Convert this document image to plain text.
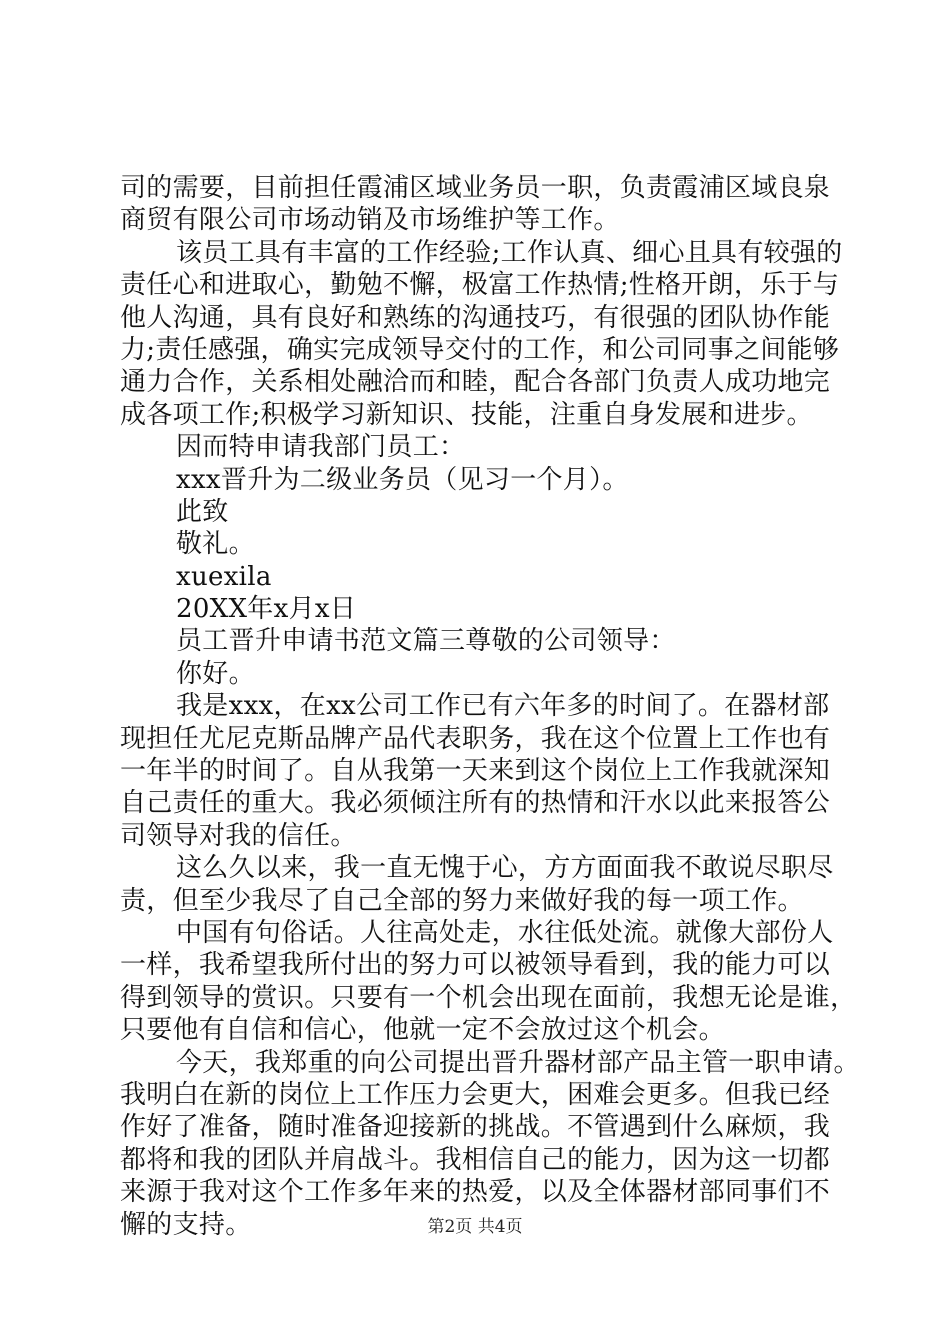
司的需要，目前担任霞浦区域业务员一职，负责霞浦区域良泉
商贸有限公司市场动销及市场维护等工作。
该员工具有丰富的工作经验;工作认真、细心且具有较强的
责任心和进取心，勤勉不懈，极富工作热情;性格开朗，乐于与
他人沟通，具有良好和熟练的沟通技巧，有很强的团队协作能
力;责任感强，确实完成领导交付的工作，和公司同事之间能够
通力合作，关系相处融洽而和睦，配合各部门负责人成功地完
成各项工作;积极学习新知识、技能，注重自身发展和进步。
因而特申请我部门员工：
xxx晋升为二级业务员（见习一个月）。
此致
敬礼。
xuexila
20XX年x月x日
员工晋升申请书范文篇三尊敬的公司领导：
你好。
我是xxx，在xx公司工作已有六年多的时间了。在器材部
现担任尤尼克斯品牌产品代表职务，我在这个位置上工作也有
一年半的时间了。自从我第一天来到这个岗位上工作我就深知
自己责任的重大。我必须倾注所有的热情和汗水以此来报答公
司领导对我的信任。
这么久以来，我一直无愧于心，方方面面我不敢说尽职尽
责，但至少我尽了自己全部的努力来做好我的每一项工作。
中国有句俗话。人往高处走，水往低处流。就像大部份人
一样，我希望我所付出的努力可以被领导看到，我的能力可以
得到领导的赏识。只要有一个机会出现在面前，我想无论是谁，
只要他有自信和信心，他就一定不会放过这个机会。
今天，我郑重的向公司提出晋升器材部产品主管一职申请。
我明白在新的岗位上工作压力会更大，困难会更多。但我已经
作好了准备，随时准备迎接新的挑战。不管遇到什么麻烦，我
都将和我的团队并肩战斗。我相信自己的能力，因为这一切都
来源于我对这个工作多年来的热爱，以及全体器材部同事们不
懈的支持。	第2页 共4页
